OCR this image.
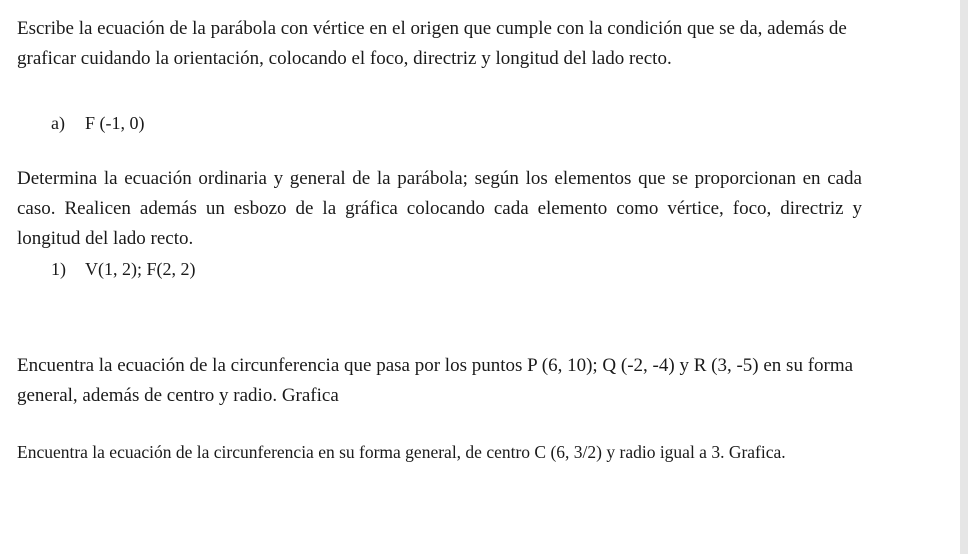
Escribe la ecuación de la parábola con vértice en el origen que cumple con la condición que se da, además de graficar cuidando la orientación, colocando el foco, directriz y longitud del lado recto.

a) F (-1, 0)

Determina la ecuación ordinaria y general de la parábola; según los elementos que se proporcionan en cada caso. Realicen además un esbozo de la gráfica colocando cada elemento como vértice, foco, directriz y longitud del lado recto.

1) V(1, 2); F(2, 2)

Encuentra la ecuación de la circunferencia que pasa por los puntos P (6, 10); Q (-2, -4) y R (3, -5) en su forma general, además de centro y radio. Grafica

Encuentra la ecuación de la circunferencia en su forma general, de centro C (6, 3/2) y radio igual a 3. Grafica.
